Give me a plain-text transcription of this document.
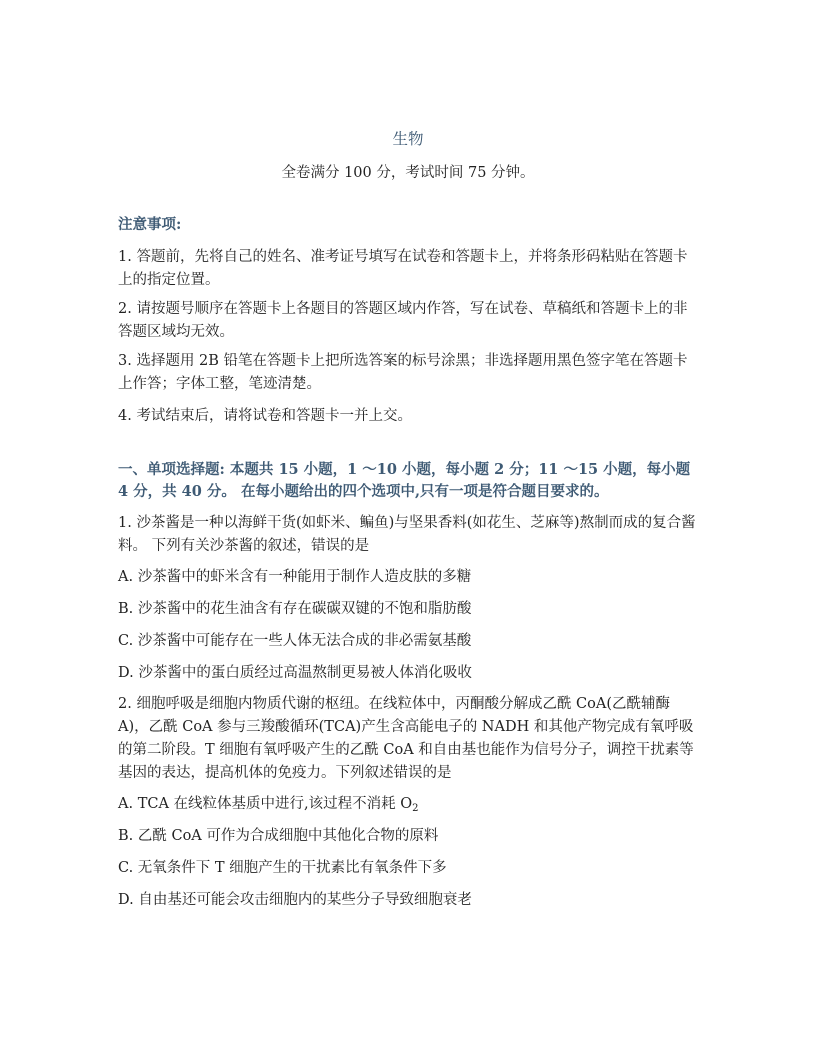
生物

全卷满分 100 分，考试时间 75 分钟。

注意事项:

1. 答题前，先将自己的姓名、准考证号填写在试卷和答题卡上，并将条形码粘贴在答题卡上的指定位置。

2. 请按题号顺序在答题卡上各题目的答题区域内作答，写在试卷、草稿纸和答题卡上的非答题区域均无效。

3. 选择题用 2B 铅笔在答题卡上把所选答案的标号涂黑；非选择题用黑色签字笔在答题卡上作答；字体工整，笔迹清楚。

4. 考试结束后，请将试卷和答题卡一并上交。

一、单项选择题: 本题共 15 小题，1 ～10 小题，每小题 2 分；11 ～15 小题，每小题 4 分，共 40 分。 在每小题给出的四个选项中,只有一项是符合题目要求的。

1. 沙茶酱是一种以海鲜干货(如虾米、鳊鱼)与坚果香料(如花生、芝麻等)熬制而成的复合酱料。 下列有关沙茶酱的叙述，错误的是

A. 沙茶酱中的虾米含有一种能用于制作人造皮肤的多糖

B. 沙茶酱中的花生油含有存在碳碳双键的不饱和脂肪酸

C. 沙茶酱中可能存在一些人体无法合成的非必需氨基酸

D. 沙茶酱中的蛋白质经过高温熬制更易被人体消化吸收

2. 细胞呼吸是细胞内物质代谢的枢纽。在线粒体中，丙酮酸分解成乙酰 CoA(乙酰辅酶 A)，乙酰 CoA 参与三羧酸循环(TCA)产生含高能电子的 NADH 和其他产物完成有氧呼吸的第二阶段。T 细胞有氧呼吸产生的乙酰 CoA 和自由基也能作为信号分子，调控干扰素等基因的表达，提高机体的免疫力。下列叙述错误的是

A. TCA 在线粒体基质中进行,该过程不消耗 $O_2$

B. 乙酰 CoA 可作为合成细胞中其他化合物的原料

C. 无氧条件下 T 细胞产生的干扰素比有氧条件下多

D. 自由基还可能会攻击细胞内的某些分子导致细胞衰老
